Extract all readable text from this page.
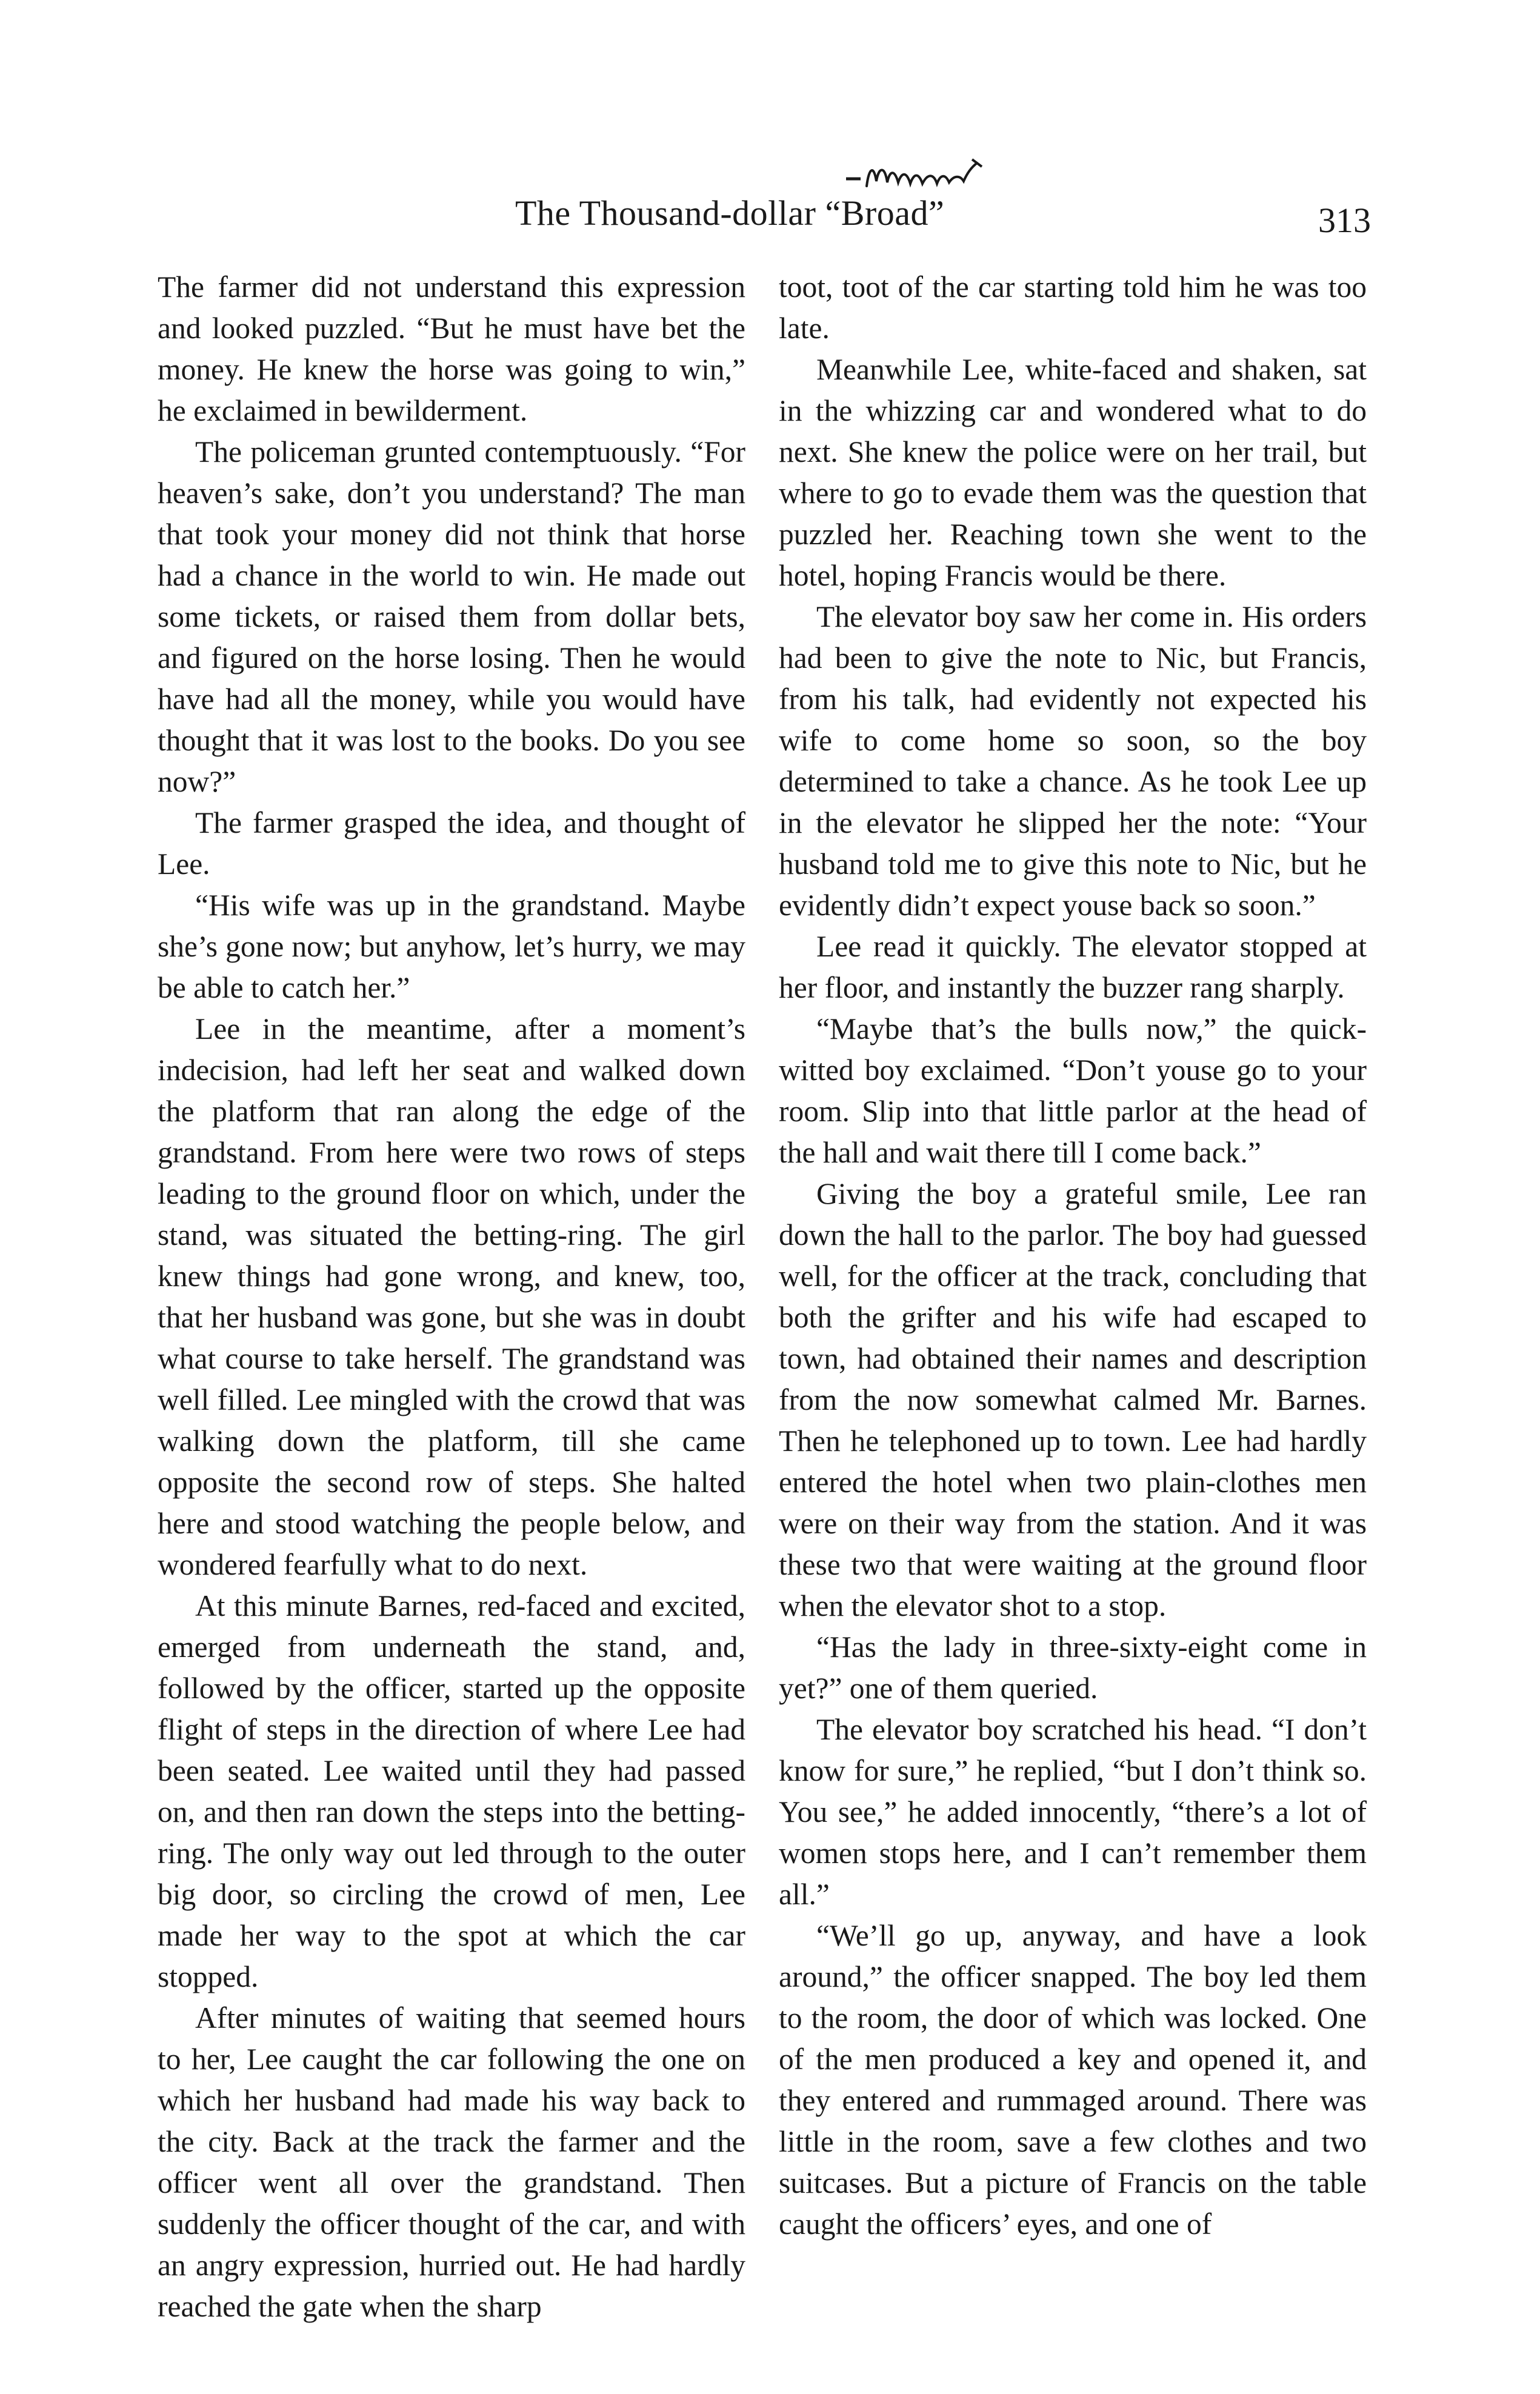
The Thousand-dollar “Broad”	313

The farmer did not understand this expression and looked puzzled. “But he must have bet the money. He knew the horse was going to win,” he exclaimed in bewilderment.

The policeman grunted contemptuously. “For heaven’s sake, don’t you understand? The man that took your money did not think that horse had a chance in the world to win. He made out some tickets, or raised them from dollar bets, and figured on the horse losing. Then he would have had all the money, while you would have thought that it was lost to the books. Do you see now?”

The farmer grasped the idea, and thought of Lee.

“His wife was up in the grandstand. Maybe she’s gone now; but anyhow, let’s hurry, we may be able to catch her.”

Lee in the meantime, after a moment’s indecision, had left her seat and walked down the platform that ran along the edge of the grandstand. From here were two rows of steps leading to the ground floor on which, under the stand, was situated the betting-ring. The girl knew things had gone wrong, and knew, too, that her husband was gone, but she was in doubt what course to take herself. The grandstand was well filled. Lee mingled with the crowd that was walking down the platform, till she came opposite the second row of steps. She halted here and stood watching the people below, and wondered fearfully what to do next.

At this minute Barnes, red-faced and excited, emerged from underneath the stand, and, followed by the officer, started up the opposite flight of steps in the direction of where Lee had been seated. Lee waited until they had passed on, and then ran down the steps into the betting-ring. The only way out led through to the outer big door, so circling the crowd of men, Lee made her way to the spot at which the car stopped.

After minutes of waiting that seemed hours to her, Lee caught the car following the one on which her husband had made his way back to the city. Back at the track the farmer and the officer went all over the grandstand. Then suddenly the officer thought of the car, and with an angry expression, hurried out. He had hardly reached the gate when the sharp

toot, toot of the car starting told him he was too late.

Meanwhile Lee, white-faced and shaken, sat in the whizzing car and wondered what to do next. She knew the police were on her trail, but where to go to evade them was the question that puzzled her. Reaching town she went to the hotel, hoping Francis would be there.

The elevator boy saw her come in. His orders had been to give the note to Nic, but Francis, from his talk, had evidently not expected his wife to come home so soon, so the boy determined to take a chance. As he took Lee up in the elevator he slipped her the note: “Your husband told me to give this note to Nic, but he evidently didn’t expect youse back so soon.”

Lee read it quickly. The elevator stopped at her floor, and instantly the buzzer rang sharply.

“Maybe that’s the bulls now,” the quick-witted boy exclaimed. “Don’t youse go to your room. Slip into that little parlor at the head of the hall and wait there till I come back.”

Giving the boy a grateful smile, Lee ran down the hall to the parlor. The boy had guessed well, for the officer at the track, concluding that both the grifter and his wife had escaped to town, had obtained their names and description from the now somewhat calmed Mr. Barnes. Then he telephoned up to town. Lee had hardly entered the hotel when two plain-clothes men were on their way from the station. And it was these two that were waiting at the ground floor when the elevator shot to a stop.

“Has the lady in three-sixty-eight come in yet?” one of them queried.

The elevator boy scratched his head. “I don’t know for sure,” he replied, “but I don’t think so. You see,” he added innocently, “there’s a lot of women stops here, and I can’t remember them all.”

“We’ll go up, anyway, and have a look around,” the officer snapped. The boy led them to the room, the door of which was locked. One of the men produced a key and opened it, and they entered and rummaged around. There was little in the room, save a few clothes and two suitcases. But a picture of Francis on the table caught the officers’ eyes, and one of
